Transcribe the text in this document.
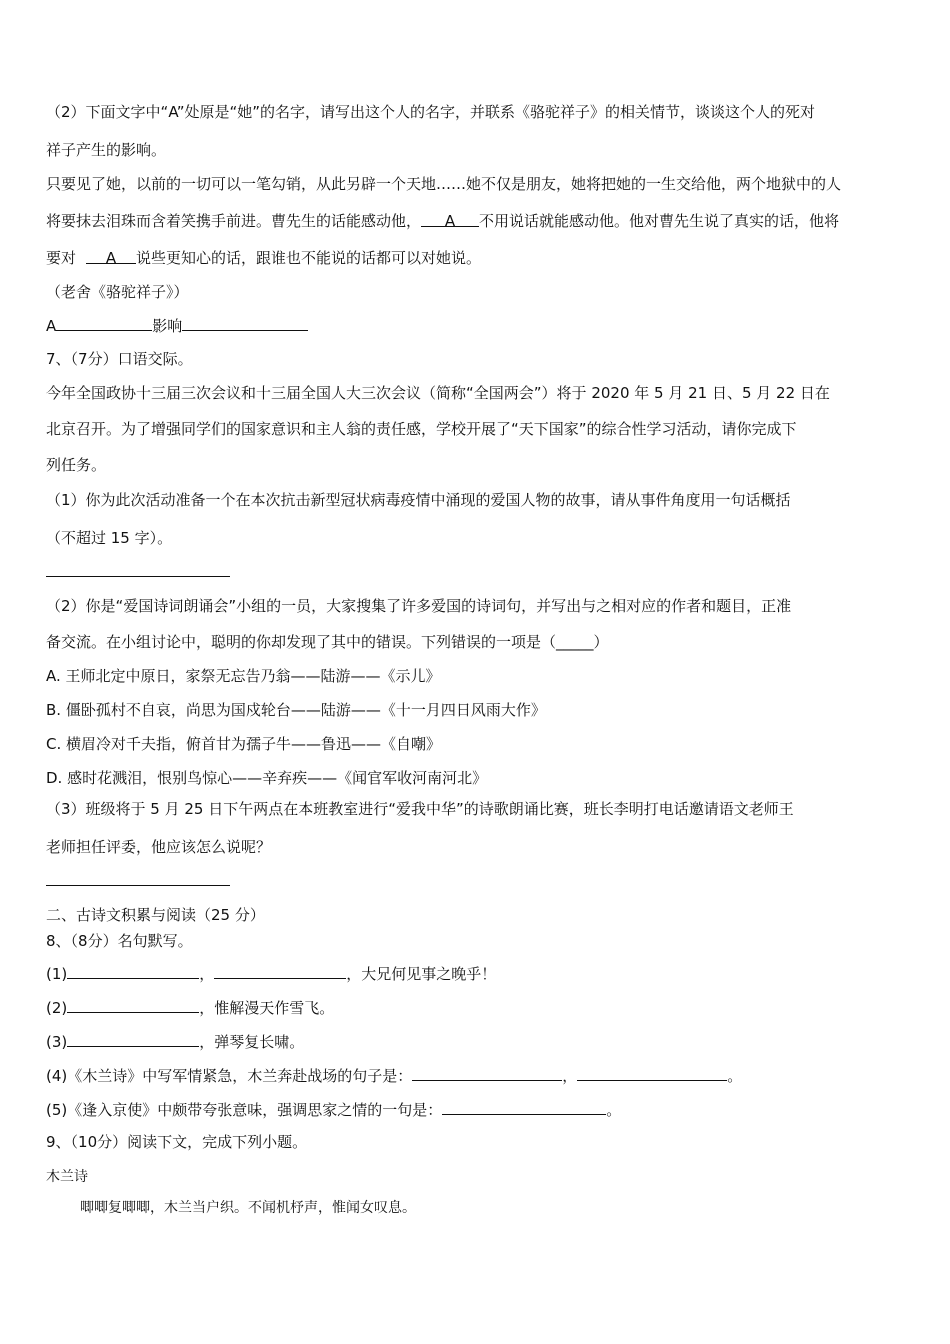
（2）下面文字中“A”处原是“她”的名字，请写出这个人的名字，并联系《骆驼祥子》的相关情节，谈谈这个人的死对
祥子产生的影响。
只要见了她，以前的一切可以一笔勾销，从此另辟一个天地……她不仅是朋友，她将把她的一生交给他，两个地狱中的人
将要抹去泪珠而含着笑携手前进。曹先生的话能感动他， A 不用说话就能感动他。他对曹先生说了真实的话，他将
要对 A 说些更知心的话，跟谁也不能说的话都可以对她说。
（老舍《骆驼祥子》）
A	影响
7、（7分）口语交际。
今年全国政协十三届三次会议和十三届全国人大三次会议（简称“全国两会”）将于 2020 年 5 月 21 日、5 月 22 日在
北京召开。为了增强同学们的国家意识和主人翁的责任感，学校开展了“天下国家”的综合性学习活动，请你完成下
列任务。
（1）你为此次活动准备一个在本次抗击新型冠状病毒疫情中涌现的爱国人物的故事，请从事件角度用一句话概括
（不超过 15 字）。
（2）你是“爱国诗词朗诵会”小组的一员，大家搜集了许多爱国的诗词句，并写出与之相对应的作者和题目，正准
备交流。在小组讨论中，聪明的你却发现了其中的错误。下列错误的一项是（_____）
A. 王师北定中原日，家祭无忘告乃翁——陆游——《示儿》
B. 僵卧孤村不自哀，尚思为国戍轮台——陆游——《十一月四日风雨大作》
C. 横眉冷对千夫指，俯首甘为孺子牛——鲁迅——《自嘲》
D. 感时花溅泪，恨别鸟惊心——辛弃疾——《闻官军收河南河北》
（3）班级将于 5 月 25 日下午两点在本班教室进行“爱我中华”的诗歌朗诵比赛，班长李明打电话邀请语文老师王
老师担任评委，他应该怎么说呢？
二、古诗文积累与阅读（25 分）
8、（8分）名句默写。
(1)	，	，大兄何见事之晚乎！
(2)	，惟解漫天作雪飞。
(3)	，弹琴复长啸。
(4)《木兰诗》中写军情紧急，木兰奔赴战场的句子是：	，	。
(5)《逢入京使》中颇带夸张意味，强调思家之情的一句是：	。
9、（10分）阅读下文，完成下列小题。
木兰诗
唧唧复唧唧，木兰当户织。不闻机杼声，惟闻女叹息。
